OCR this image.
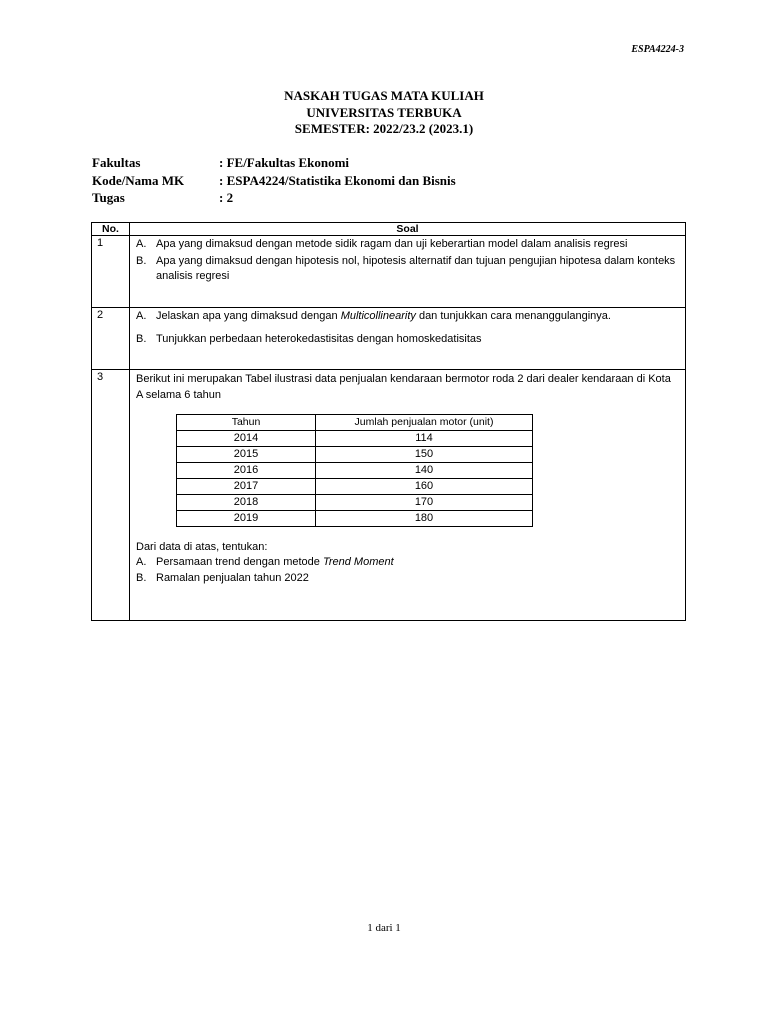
ESPA4224-3
NASKAH TUGAS MATA KULIAH
UNIVERSITAS TERBUKA
SEMESTER: 2022/23.2 (2023.1)
Fakultas	: FE/Fakultas Ekonomi
Kode/Nama MK	: ESPA4224/Statistika Ekonomi dan Bisnis
Tugas	: 2
No.	Soal
1	A. Apa yang dimaksud dengan metode sidik ragam dan uji keberartian model dalam analisis regresi
B. Apa yang dimaksud dengan hipotesis nol, hipotesis alternatif dan tujuan pengujian hipotesa dalam konteks analisis regresi

2	A. Jelaskan apa yang dimaksud dengan Multicollinearity dan tunjukkan cara menanggulanginya.
B. Tunjukkan perbedaan heterokedastisitas dengan homoskedatisitas

3	Berikut ini merupakan Tabel ilustrasi data penjualan kendaraan bermotor roda 2 dari dealer kendaraan di Kota A selama 6 tahun

Tahun	Jumlah penjualan motor (unit)
2014	114
2015	150
2016	140
2017	160
2018	170
2019	180

Dari data di atas, tentukan:

A. Persamaan trend dengan metode Trend Moment
B. Ramalan penjualan tahun 2022
1 dari 1
